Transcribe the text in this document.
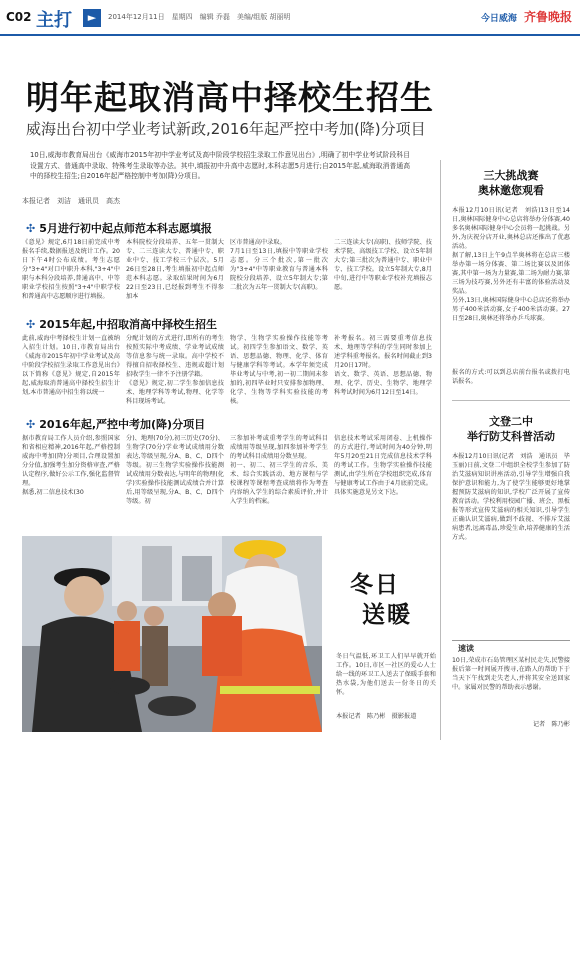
C02 主打	►	2014年12月11日　星期四　编辑 乔磊　美编/组版 胡丽明	今日威海 齐鲁晚报
明年起取消高中择校生招生
威海出台初中学业考试新政,2016年起严控中考加(降)分项目
10日,威海市教育局出台《威海市2015年初中学业考试及高中阶段学校招生录取工作意见出台》,明确了初中学业考试阶段科目设置方式、普通高中录取、特殊考生录取等办法。其中,填报初中升高中志愿时,本科志愿5月进行;自2015年起,威海取消普通高中的择校生招生;自2016年起严格控制中考加(降)分项目。
本报记者　刘洁　通讯员　高杰
✣ 5月进行初中起点师范本科志愿填报
《意见》规定,6月18日前完成中考报名手续,数据报送及统计工作。20日下午4时公布成绩。考生志愿分"3+4"对口中职升本科,"3+4"中职与本科分段培养,普通高中、中等职业学校招生按照"3+4"中职学校和普通高中志愿顺序进行填报。
本科院校分段培养、五年一贯制大专、二三连读大专、普通中专、职业中专、技工学校三个层次。5月26日至28日,考生填报初中起点师范本科志愿。录取结果时间为6月22日至23日,已经报到考生不得参加本
区市普通高中录取。
7月1日至13日,填报中等职业学校志愿。分三个批次,第一批次为"3+4"中等职业教育与普通本科院校分段培养、设立5年制大专;第二批次为五年一贯制大专(高职)。
二三连读大专(高职)、技师学院、技术学院、高级技工学校、设立5年制大专;第三批次为普通中专、职业中专、技工学校。设立5年制大专,8月中旬,进行中等职业学校补充填报志愿。
✣ 2015年起,中招取消高中择校生招生
此前,威海中考择校生计划一直被纳入招生计划。10日,市教育局出台《威海市2015年初中学业考试及高中阶段学校招生录取工作意见出台》以下简称《意见》规定,自2015年起,威海取消普通高中择校生招生计划,本市普通高中招生将以统一
分配计划的方式进行,即所有的考生按照实际中考成绩、学业考试成绩等信息参与统一录取。高中学校不得擅自招收择校生、违规或超计划招收学生一律不予注册学籍。
《意见》规定,初二学生参加信息技术、地理学科等考试,物理、化学等科目现场考试。
物学、生物学实验操作技能等考试。初四学生参加语文、数学、英语、思想品德、物理、化学、体育与健康学科等考试。本学年须完成毕业考试与中考,初一初二期间未参加的,初四毕业时只安排参加物理、化学、生物等学科实验技能的考核。
补考报名。初三需要重考信息技术、地理等学科的学生同时参加上述学科重考报名。报名时间截止到3月20日17时。
语文、数学、英语、思想品德、物理、化学、历史、生物学、地理学科考试时间为6月12日至14日。
✣ 2016年起,严控中考加(降)分项目
据市教育局工作人员介绍,参照国家和省相应精神,2016年起,严格控制威海中考加(降)分项目,合理设置加分分值,加强考生加分资格审查,严格认定程序,做好公示工作,强化监督管理。
据悉,初二信息技术(30
分)、地理(70分),初三历史(70分)、生物学(70分)学业考试成绩用分数表达,等级呈现,分A、B、C、D四个等级。初三生物学实验操作技能测试成绩用分数表达,与明年的物理(化学)实验操作技能测试成绩合并计算后,用等级呈现,分A、B、C、D四个等级。初
三参加补考或重考学生的考试科目成绩用等级呈现,加四参加补考学生的考试科目成绩用分数呈现。
初一、初二、初三学生的音乐、美术、综合实践活动、地方课程与学校课程等课程考查成绩将作为考查内容纳入学生的综合素质评价,并计入学生的档案。
信息技术考试采用闭卷、上机操作的方式进行,考试时间为40分钟,明年5月20至21日完成信息技术学科的考试工作。生物学实验操作技能测试,由学生所在学校组织完成,体育与健康考试工作由于4月底前完成。具体实施意见另文下达。
冬日
送暖
冬日气温低,环卫工人们早早就开始工作。10日,市区一社区的爱心人士给一线的环卫工人送去了保暖手套和热水袋,为他们送去一份冬日的关怀。
本报记者　陈乃彬　摄影报道
三大挑战赛
奥林邀您观看
本报12月10日讯(记者　刘浩)13日至14日,奥林国际健身中心总店将举办分体赛,40多名奥林国际健身中心会员将一起挑战。另外,为庆祝分店开业,奥林总店还推出了优惠活动。
据了解,13日上午9点半奥林将在总店三楼举办第一场分体赛、第二场比赛以及团体赛,其中第一场为力量赛,第二场为耐力赛,第三场为技巧赛,另外还有丰富的体验活动及奖品。
另外,13日,奥林国际健身中心总店还将举办男子400米活动赛,女子400米活动赛。27日至28日,奥林还将举办乒乓球赛。
报名的方式:可以到总店前台报名或拨打电话报名。
文登二中
举行防艾科普活动
本报12月10日讯(记者　刘浩　通讯员　毕玉丽)日前,文登二中组织全校学生参加了防治艾滋病知识讲座活动,引导学生增强自我保护意识和能力,为了使学生能够更好地掌握预防艾滋病的知识,学校广泛开展了宣传教育活动。学校利用校园广播、班会、黑板报等形式宣传艾滋病的相关知识,引导学生正确认识艾滋病,做到不歧视、不排斥艾滋病患者,远离毒品,珍爱生命,培养健康的生活方式。
速读
10日,荣成市石岛管理区某村民走失,民警接报后第一时间展开搜寻,在路人的帮助下于当天下午找到走失老人,并将其安全送回家中。家属对民警的帮助表示感谢。
记者　陈乃彬
